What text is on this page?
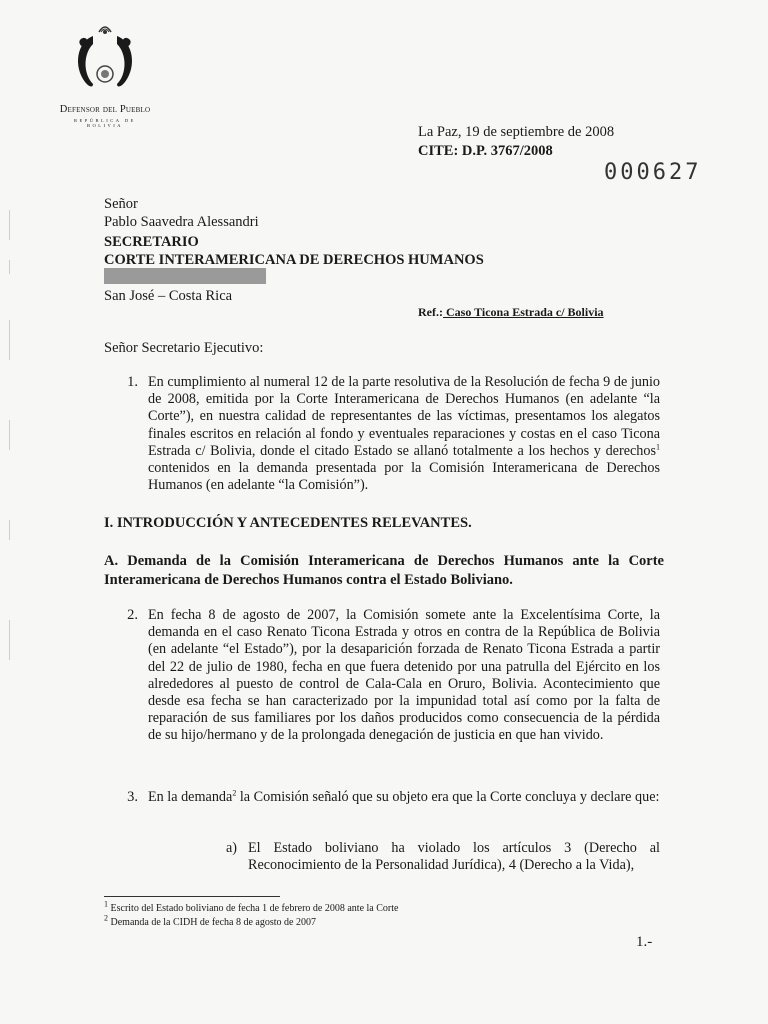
Defensor del Pueblo
REPÚBLICA DE BOLIVIA	La Paz, 19 de septiembre de 2008
CITE: D.P. 3767/2008
000627
Señor
Pablo Saavedra Alessandri
SECRETARIO
CORTE INTERAMERICANA DE DERECHOS HUMANOS
San José – Costa Rica
Ref.: Caso Ticona Estrada c/ Bolivia
Señor Secretario Ejecutivo:
1. En cumplimiento al numeral 12 de la parte resolutiva de la Resolución de fecha 9 de junio de 2008, emitida por la Corte Interamericana de Derechos Humanos (en adelante “la Corte”), en nuestra calidad de representantes de las víctimas, presentamos los alegatos finales escritos en relación al fondo y eventuales reparaciones y costas en el caso Ticona Estrada c/ Bolivia, donde el citado Estado se allanó totalmente a los hechos y derechos$^1$ contenidos en la demanda presentada por la Comisión Interamericana de Derechos Humanos (en adelante “la Comisión”).
I. INTRODUCCIÓN Y ANTECEDENTES RELEVANTES.
A. Demanda de la Comisión Interamericana de Derechos Humanos ante la Corte Interamericana de Derechos Humanos contra el Estado Boliviano.
2. En fecha 8 de agosto de 2007, la Comisión somete ante la Excelentísima Corte, la demanda en el caso Renato Ticona Estrada y otros en contra de la República de Bolivia (en adelante “el Estado”), por la desaparición forzada de Renato Ticona Estrada a partir del 22 de julio de 1980, fecha en que fuera detenido por una patrulla del Ejército en los alrededores al puesto de control de Cala-Cala en Oruro, Bolivia. Acontecimiento que desde esa fecha se han caracterizado por la impunidad total así como por la falta de reparación de sus familiares por los daños producidos como consecuencia de la pérdida de su hijo/hermano y de la prolongada denegación de justicia en que han vivido.
3. En la demanda$^2$ la Comisión señaló que su objeto era que la Corte concluya y declare que:
a) El Estado boliviano ha violado los artículos 3 (Derecho al Reconocimiento de la Personalidad Jurídica), 4 (Derecho a la Vida),
$^1$ Escrito del Estado boliviano de fecha 1 de febrero de 2008 ante la Corte
$^2$ Demanda de la CIDH de fecha 8 de agosto de 2007
1.-
